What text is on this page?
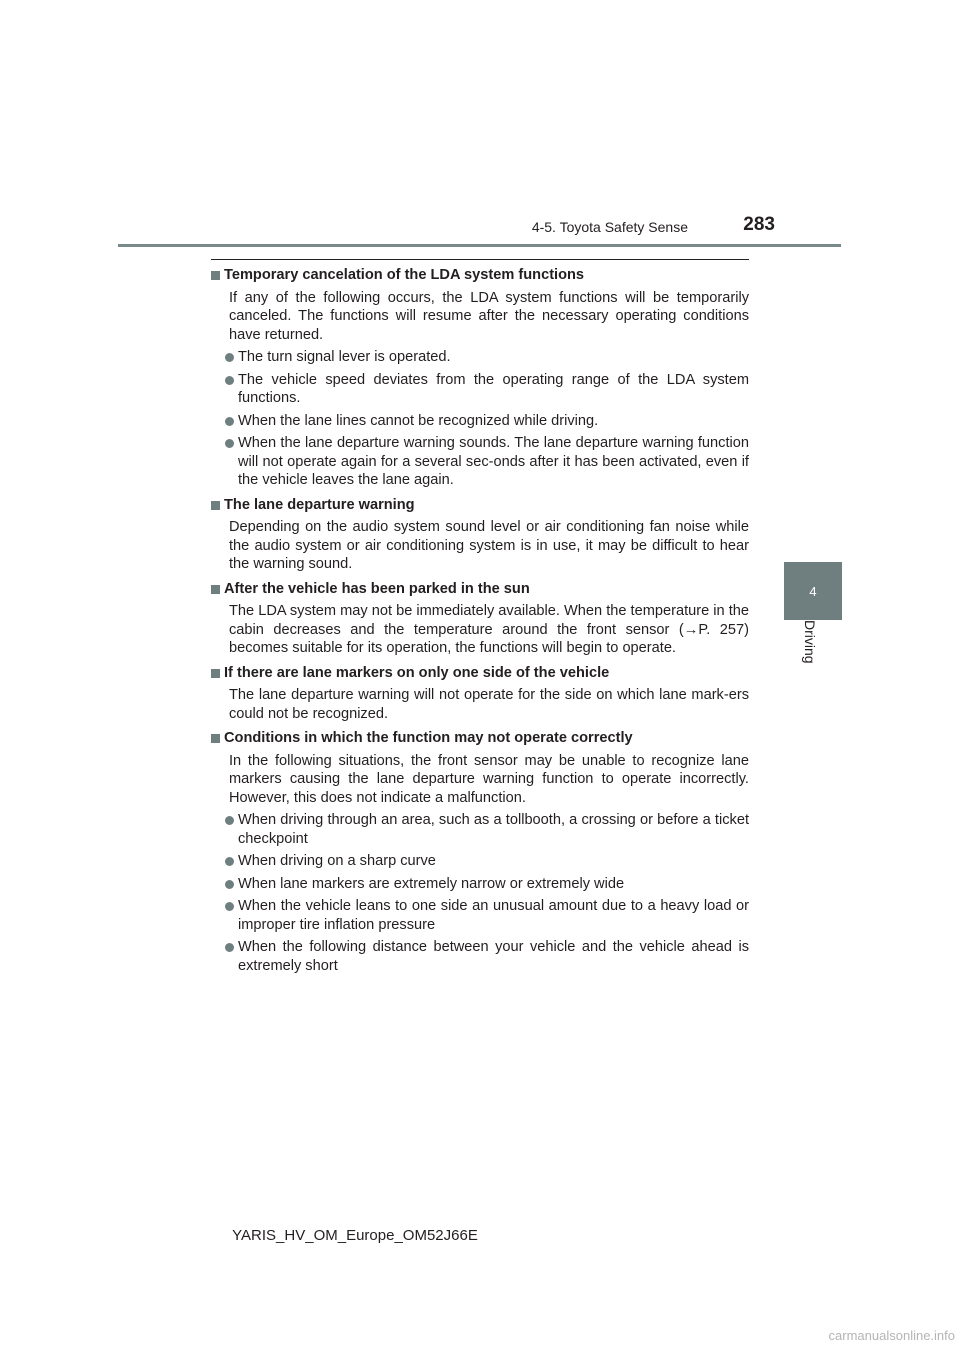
4-5. Toyota Safety Sense	283
4
Driving

Temporary cancelation of the LDA system functions

If any of the following occurs, the LDA system functions will be temporarily canceled. The functions will resume after the necessary operating conditions have returned.

The turn signal lever is operated.
The vehicle speed deviates from the operating range of the LDA system functions.
When the lane lines cannot be recognized while driving.
When the lane departure warning sounds. The lane departure warning function will not operate again for a several sec-onds after it has been activated, even if the vehicle leaves the lane again.

The lane departure warning

Depending on the audio system sound level or air conditioning fan noise while the audio system or air conditioning system is in use, it may be difficult to hear the warning sound.

After the vehicle has been parked in the sun

The LDA system may not be immediately available. When the temperature in the cabin decreases and the temperature around the front sensor (→P. 257) becomes suitable for its operation, the functions will begin to operate.

If there are lane markers on only one side of the vehicle

The lane departure warning will not operate for the side on which lane mark-ers could not be recognized.

Conditions in which the function may not operate correctly

In the following situations, the front sensor may be unable to recognize lane markers causing the lane departure warning function to operate incorrectly. However, this does not indicate a malfunction.

When driving through an area, such as a tollbooth, a crossing or before a ticket checkpoint
When driving on a sharp curve
When lane markers are extremely narrow or extremely wide
When the vehicle leans to one side an unusual amount due to a heavy load or improper tire inflation pressure
When the following distance between your vehicle and the vehicle ahead is extremely short
YARIS_HV_OM_Europe_OM52J66E
carmanualsonline.info
